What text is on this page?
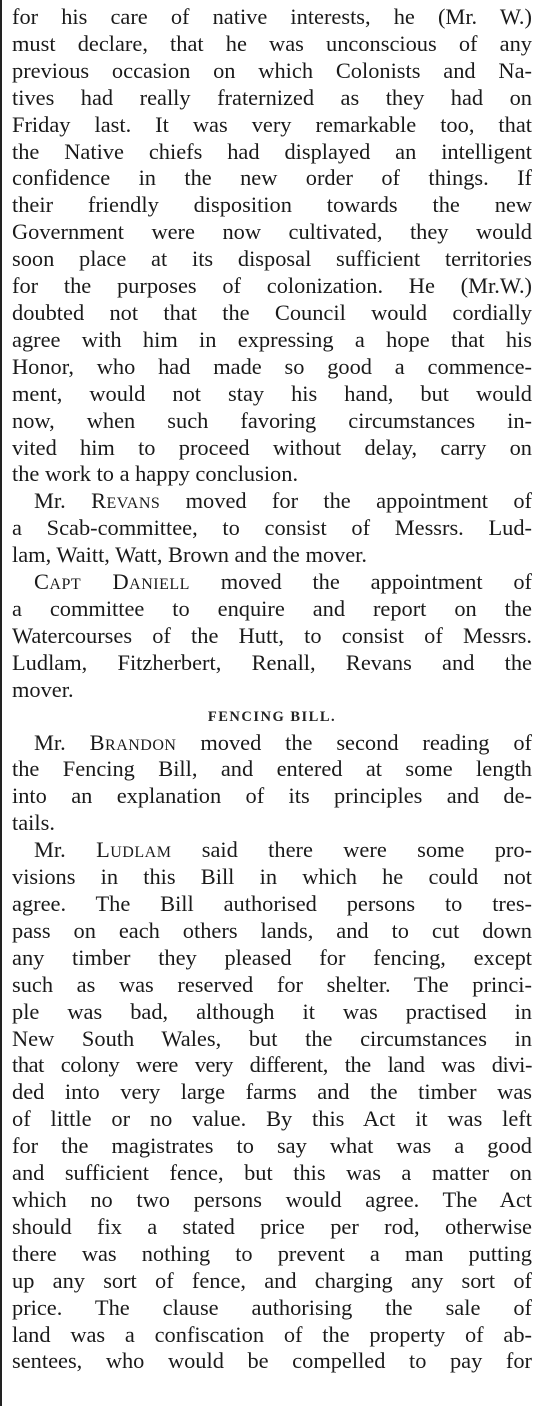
for his care of native interests, he (Mr. W.)
must declare, that he was unconscious of any
previous occasion on which Colonists and Na-
tives had really fraternized as they had on
Friday last. It was very remarkable too, that
the Native chiefs had displayed an intelligent
confidence in the new order of things. If
their friendly disposition towards the new
Government were now cultivated, they would
soon place at its disposal sufficient territories
for the purposes of colonization. He (Mr.W.)
doubted not that the Council would cordially
agree with him in expressing a hope that his
Honor, who had made so good a commence-
ment, would not stay his hand, but would
now, when such favoring circumstances in-
vited him to proceed without delay, carry on
the work to a happy conclusion.

Mr. Revans moved for the appointment of
a Scab-committee, to consist of Messrs. Lud-
lam, Waitt, Watt, Brown and the mover.

Capt Daniell moved the appointment of
a committee to enquire and report on the
Watercourses of the Hutt, to consist of Messrs.
Ludlam, Fitzherbert, Renall, Revans and the
mover.

FENCING BILL.

Mr. Brandon moved the second reading of
the Fencing Bill, and entered at some length
into an explanation of its principles and de-
tails.

Mr. Ludlam said there were some pro-
visions in this Bill in which he could not
agree. The Bill authorised persons to tres-
pass on each others lands, and to cut down
any timber they pleased for fencing, except
such as was reserved for shelter. The princi-
ple was bad, although it was practised in
New South Wales, but the circumstances in
that colony were very different, the land was divi-
ded into very large farms and the timber was
of little or no value. By this Act it was left
for the magistrates to say what was a good
and sufficient fence, but this was a matter on
which no two persons would agree. The Act
should fix a stated price per rod, otherwise
there was nothing to prevent a man putting
up any sort of fence, and charging any sort of
price. The clause authorising the sale of
land was a confiscation of the property of ab-
sentees, who would be compelled to pay for
